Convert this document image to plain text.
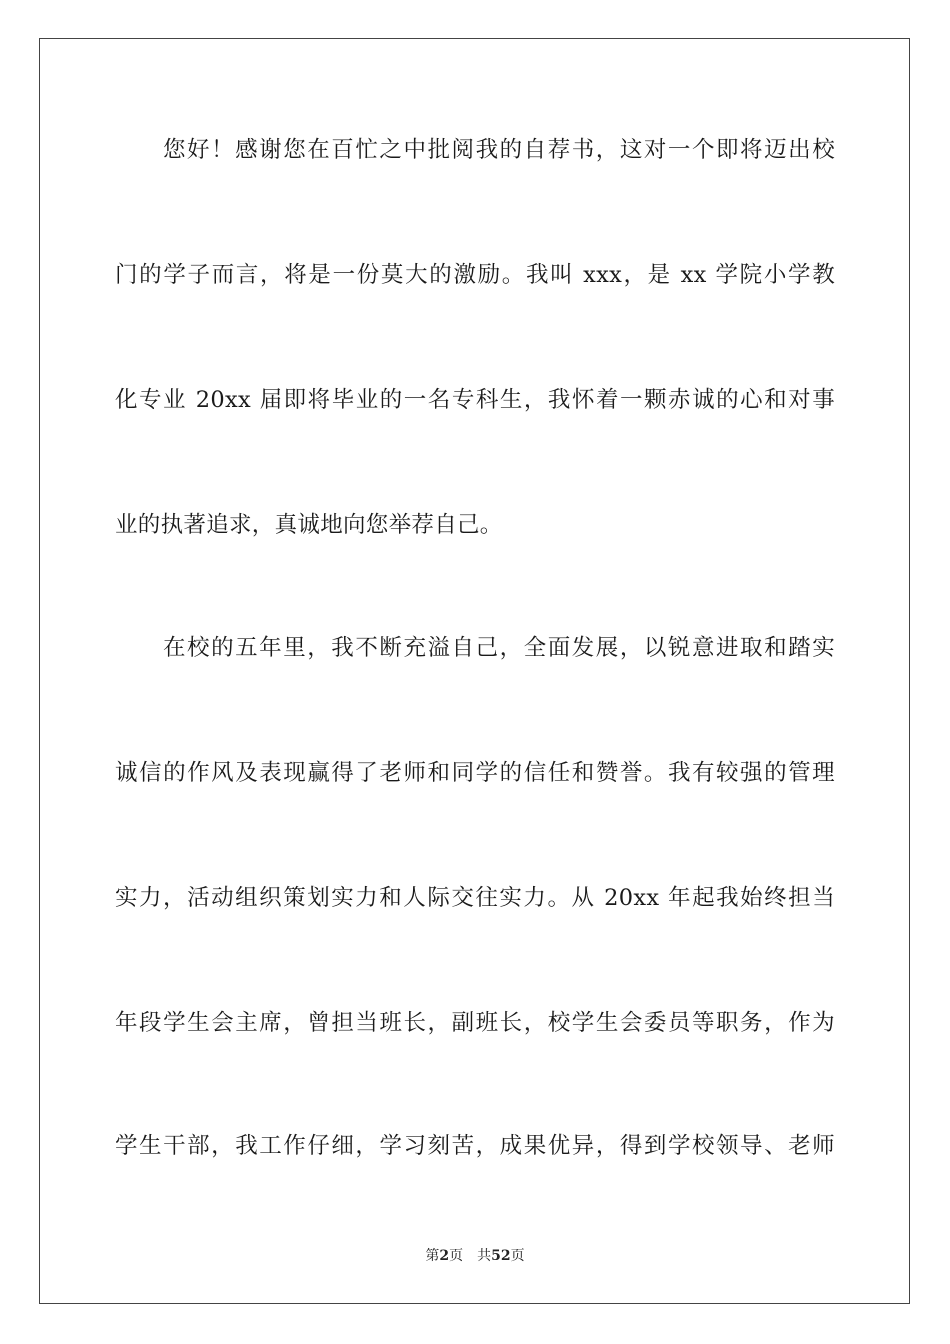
您好！感谢您在百忙之中批阅我的自荐书，这对一个即将迈出校
门的学子而言，将是一份莫大的激励。我叫 xxx，是 xx 学院小学教
化专业 20xx 届即将毕业的一名专科生，我怀着一颗赤诚的心和对事
业的执著追求，真诚地向您举荐自己。
在校的五年里，我不断充溢自己，全面发展，以锐意进取和踏实
诚信的作风及表现赢得了老师和同学的信任和赞誉。我有较强的管理
实力，活动组织策划实力和人际交往实力。从 20xx 年起我始终担当
年段学生会主席，曾担当班长，副班长，校学生会委员等职务，作为
学生干部，我工作仔细，学习刻苦，成果优异，得到学校领导、老师
第2页 共52页
